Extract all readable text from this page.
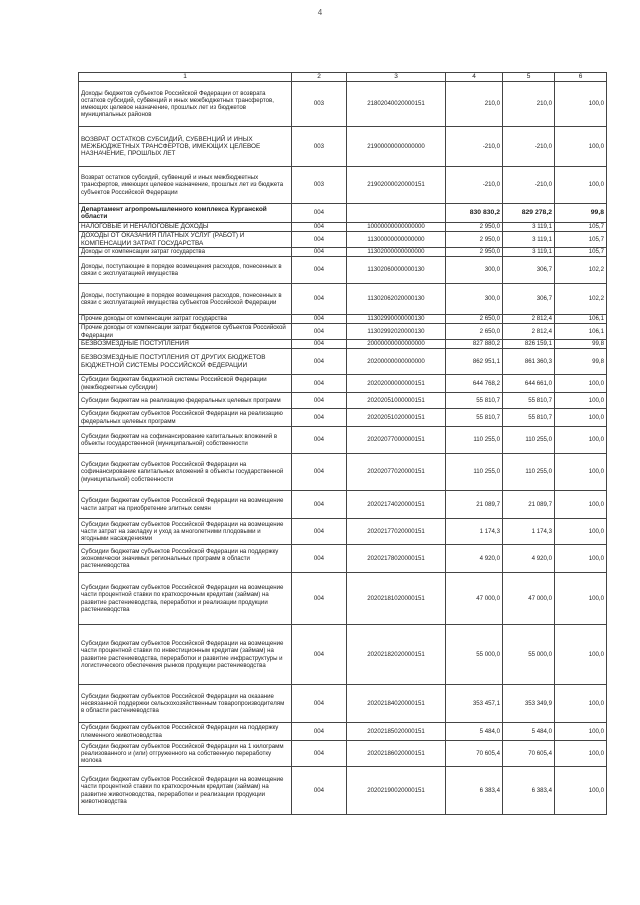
4
1	2	3	4	5	6
Доходы бюджетов субъектов Российской Федерации от возврата остатков субсидий, субвенций и иных межбюджетных трансфертов, имеющих целевое назначение, прошлых лет из бюджетов муниципальных районов	003	21802040020000151	210,0	210,0	100,0
ВОЗВРАТ ОСТАТКОВ СУБСИДИЙ, СУБВЕНЦИЙ И ИНЫХ МЕЖБЮДЖЕТНЫХ ТРАНСФЕРТОВ, ИМЕЮЩИХ ЦЕЛЕВОЕ НАЗНАЧЕНИЕ, ПРОШЛЫХ ЛЕТ	003	21900000000000000	-210,0	-210,0	100,0
Возврат остатков субсидий, субвенций и иных межбюджетных трансфертов, имеющих целевое назначение, прошлых лет из бюджета субъектов Российской Федерации	003	21902000020000151	-210,0	-210,0	100,0
Департамент агропромышленного комплекса Курганской области	004		830 830,2	829 278,2	99,8
НАЛОГОВЫЕ И НЕНАЛОГОВЫЕ ДОХОДЫ	004	10000000000000000	2 950,0	3 119,1	105,7
ДОХОДЫ ОТ ОКАЗАНИЯ ПЛАТНЫХ УСЛУГ (РАБОТ) И КОМПЕНСАЦИИ ЗАТРАТ ГОСУДАРСТВА	004	11300000000000000	2 950,0	3 119,1	105,7
Доходы от компенсации затрат государства	004	11302000000000000	2 950,0	3 119,1	105,7
Доходы, поступающие в порядке возмещения расходов, понесенных в связи с эксплуатацией имущества	004	11302060000000130	300,0	306,7	102,2
Доходы, поступающие в порядке возмещения расходов, понесенных в связи с эксплуатацией имущества субъектов Российской Федерации	004	11302062020000130	300,0	306,7	102,2
Прочие доходы от компенсации затрат государства	004	11302990000000130	2 650,0	2 812,4	106,1
Прочие доходы от компенсации затрат бюджетов субъектов Российской Федерации	004	11302992020000130	2 650,0	2 812,4	106,1
БЕЗВОЗМЕЗДНЫЕ ПОСТУПЛЕНИЯ	004	20000000000000000	827 880,2	826 159,1	99,8
БЕЗВОЗМЕЗДНЫЕ ПОСТУПЛЕНИЯ ОТ ДРУГИХ БЮДЖЕТОВ БЮДЖЕТНОЙ СИСТЕМЫ РОССИЙСКОЙ ФЕДЕРАЦИИ	004	20200000000000000	862 951,1	861 360,3	99,8
Субсидии бюджетам бюджетной системы Российской Федерации (межбюджетные субсидии)	004	20202000000000151	644 768,2	644 661,0	100,0
Субсидии бюджетам на реализацию федеральных целевых программ	004	20202051000000151	55 810,7	55 810,7	100,0
Субсидии бюджетам субъектов Российской Федерации на реализацию федеральных целевых программ	004	20202051020000151	55 810,7	55 810,7	100,0
Субсидии бюджетам на софинансирование капитальных вложений в объекты государственной (муниципальной) собственности	004	20202077000000151	110 255,0	110 255,0	100,0
Субсидии бюджетам субъектов Российской Федерации на софинансирование капитальных вложений в объекты государственной (муниципальной) собственности	004	20202077020000151	110 255,0	110 255,0	100,0
Субсидии бюджетам субъектов Российской Федерации на возмещение части затрат на приобретение элитных семян	004	20202174020000151	21 089,7	21 089,7	100,0
Субсидии бюджетам субъектов Российской Федерации на возмещение части затрат на закладку и уход за многолетними плодовыми и ягодными насаждениями	004	20202177020000151	1 174,3	1 174,3	100,0
Субсидии бюджетам субъектов Российской Федерации на поддержку экономически значимых региональных программ в области растениеводства	004	20202178020000151	4 920,0	4 920,0	100,0
Субсидии бюджетам субъектов Российской Федерации на возмещение части процентной ставки по краткосрочным кредитам (займам) на развитие растениеводства, переработки и реализации продукции растениеводства	004	20202181020000151	47 000,0	47 000,0	100,0
Субсидии бюджетам субъектов Российской Федерации на возмещение части процентной ставки по инвестиционным кредитам (займам) на развитие растениеводства, переработки и развитие инфраструктуры и логистического обеспечения рынков продукции растениеводства	004	20202182020000151	55 000,0	55 000,0	100,0
Субсидии бюджетам субъектов Российской Федерации на оказание несвязанной поддержки сельскохозяйственным товаропроизводителям в области растениеводства	004	20202184020000151	353 457,1	353 349,9	100,0
Субсидии бюджетам субъектов Российской Федерации на поддержку племенного животноводства	004	20202185020000151	5 484,0	5 484,0	100,0
Субсидии бюджетам субъектов Российской Федерации на 1 килограмм реализованного и (или) отгруженного на собственную переработку молока	004	20202186020000151	70 605,4	70 605,4	100,0
Субсидии бюджетам субъектов Российской Федерации на возмещение части процентной ставки по краткосрочным кредитам (займам) на развитие животноводства, переработки и реализации продукции животноводства	004	20202190020000151	6 383,4	6 383,4	100,0
